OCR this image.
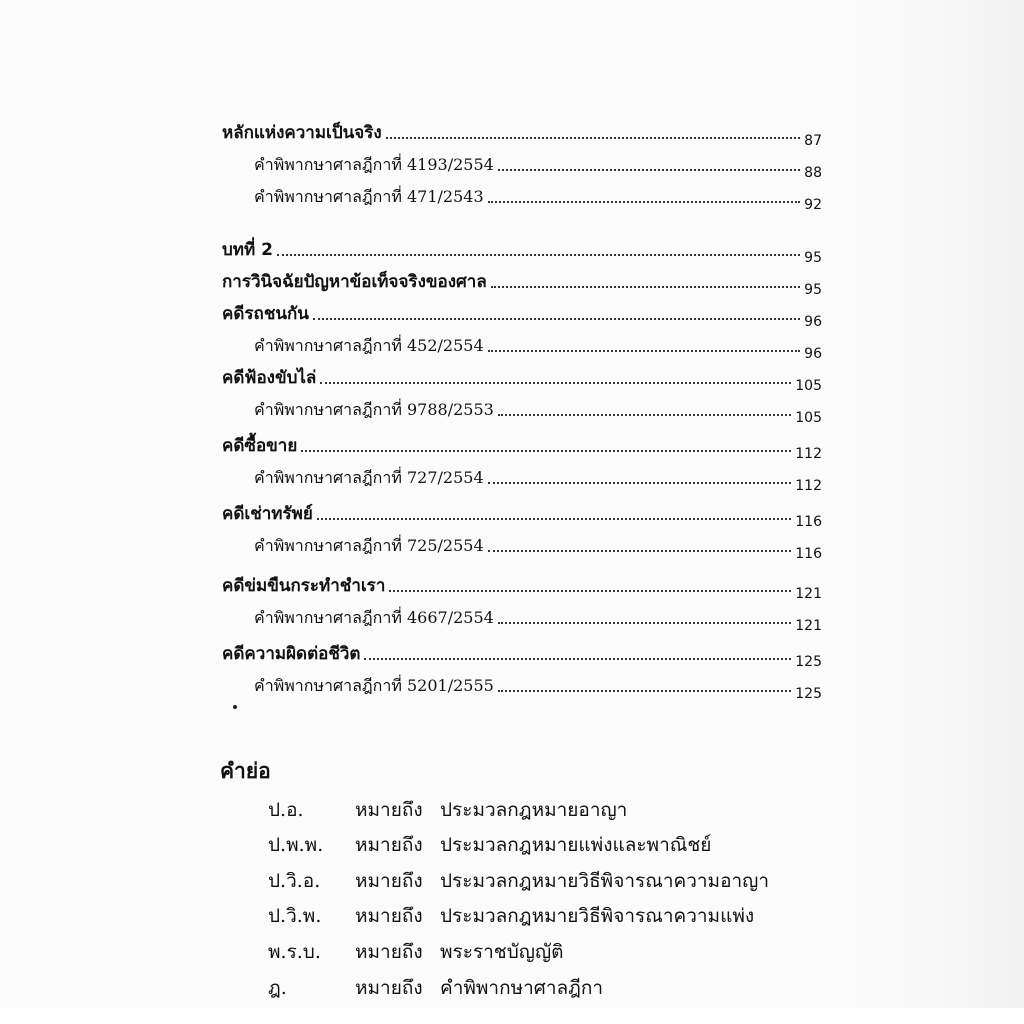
หลักแห่งความเป็นจริง	87
คำพิพากษาศาลฎีกาที่ 4193/2554	88
คำพิพากษาศาลฎีกาที่ 471/2543	92
บทที่ 2	95
การวินิจฉัยปัญหาข้อเท็จจริงของศาล	95
คดีรถชนกัน	96
คำพิพากษาศาลฎีกาที่ 452/2554	96
คดีฟ้องขับไล่	105
คำพิพากษาศาลฎีกาที่ 9788/2553	105
คดีซื้อขาย	112
คำพิพากษาศาลฎีกาที่ 727/2554	112
คดีเช่าทรัพย์	116
คำพิพากษาศาลฎีกาที่ 725/2554	116
คดีข่มขืนกระทำชำเรา	121
คำพิพากษาศาลฎีกาที่ 4667/2554	121
คดีความผิดต่อชีวิต	125
คำพิพากษาศาลฎีกาที่ 5201/2555	125
คำย่อ
ป.อ.	หมายถึง ประมวลกฎหมายอาญา
ป.พ.พ. หมายถึง ประมวลกฎหมายแพ่งและพาณิชย์
ป.วิ.อ. หมายถึง ประมวลกฎหมายวิธีพิจารณาความอาญา
ป.วิ.พ. หมายถึง ประมวลกฎหมายวิธีพิจารณาความแพ่ง
พ.ร.บ. หมายถึง พระราชบัญญัติ
ฎ.	หมายถึง คำพิพากษาศาลฎีกา
